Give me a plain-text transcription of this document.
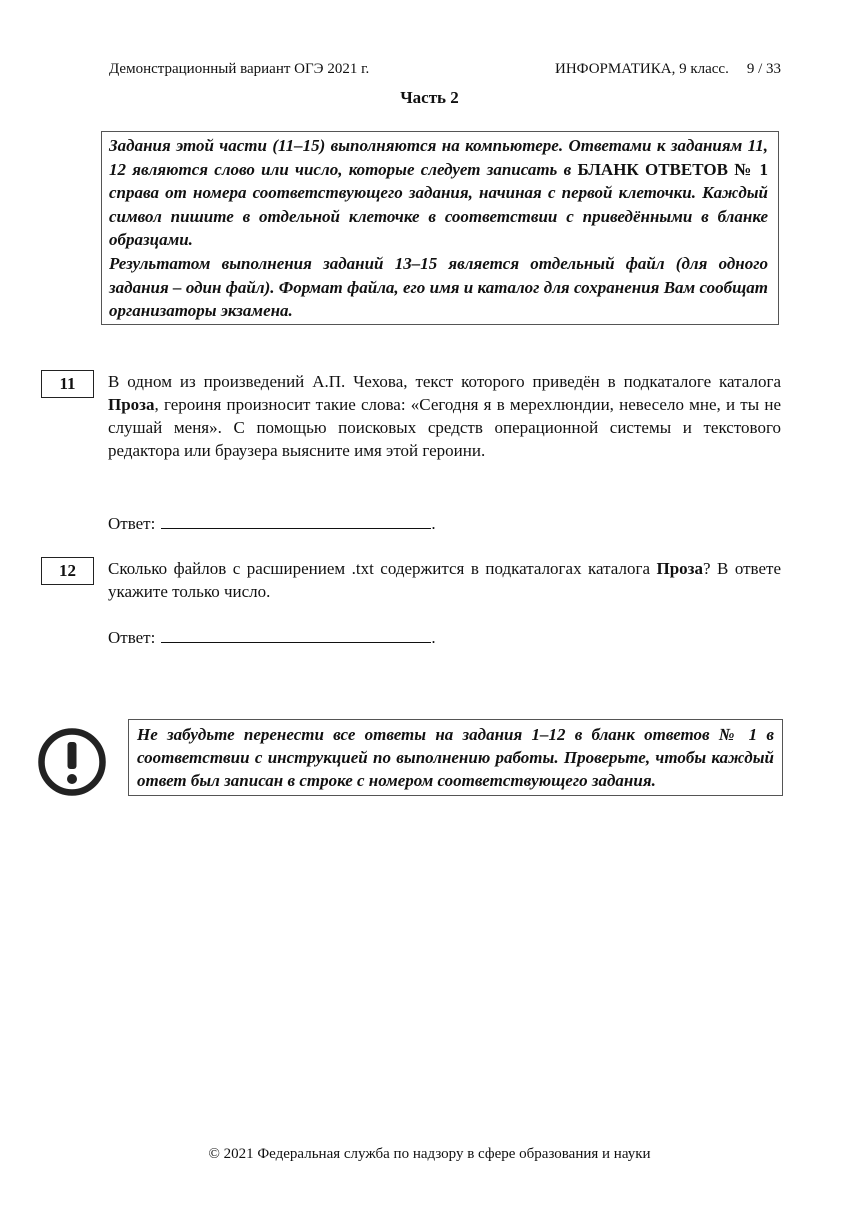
Демонстрационный вариант ОГЭ 2021 г.	ИНФОРМАТИКА, 9 класс. 9 / 33
Часть 2

Задания этой части (11–15) выполняются на компьютере. Ответами к заданиям 11, 12 являются слово или число, которые следует записать в БЛАНК ОТВЕТОВ № 1 справа от номера соответствующего задания, начиная с первой клеточки. Каждый символ пишите в отдельной клеточке в соответствии с приведёнными в бланке образцами.

Результатом выполнения заданий 13–15 является отдельный файл (для одного задания – один файл). Формат файла, его имя и каталог для сохранения Вам сообщат организаторы экзамена.

11	В одном из произведений А.П. Чехова, текст которого приведён в подкаталоге каталога Проза, героиня произносит такие слова: «Сегодня я в мерехлюндии, невесело мне, и ты не слушай меня». С помощью поисковых средств операционной системы и текстового редактора или браузера выясните имя этой героини.

Ответ:	.
12	Сколько файлов с расширением .txt содержится в подкаталогах каталога Проза? В ответе укажите только число.

Ответ:	.

Не забудьте перенести все ответы на задания 1–12 в бланк ответов № 1 в соответствии с инструкцией по выполнению работы. Проверьте, чтобы каждый ответ был записан в строке с номером соответствующего задания.

© 2021 Федеральная служба по надзору в сфере образования и науки
